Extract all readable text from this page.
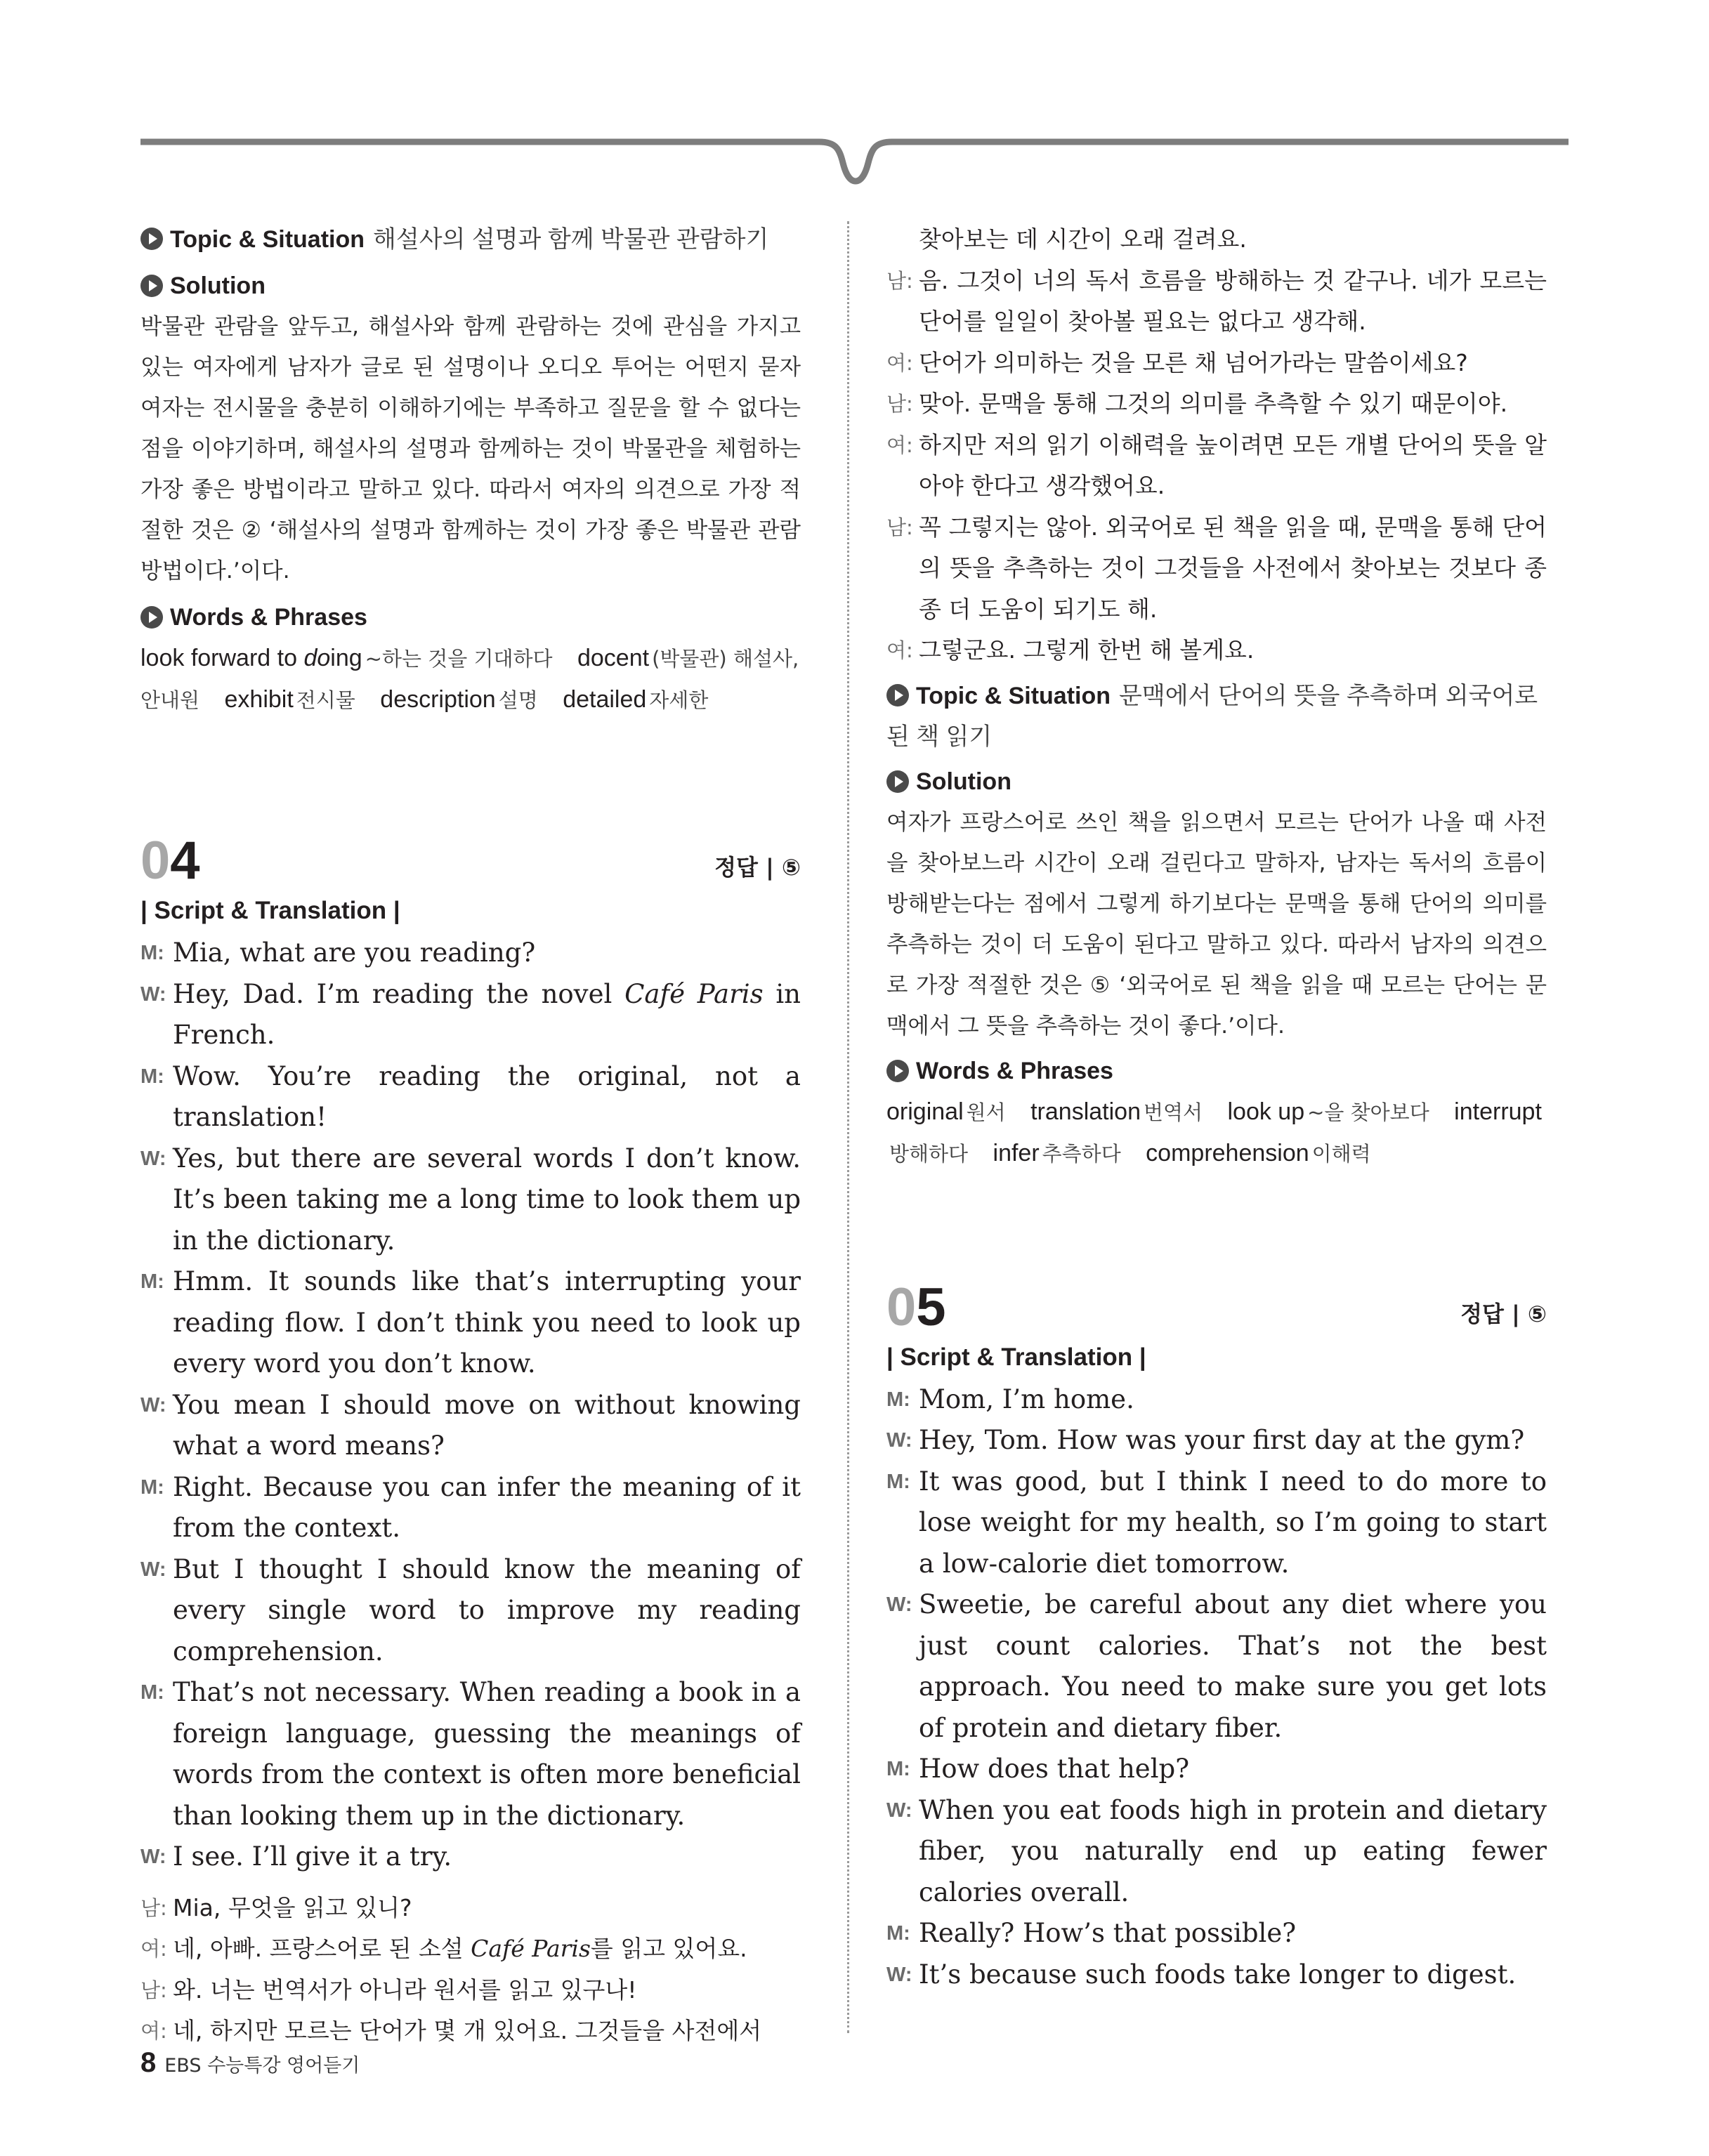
Topic & Situation 해설사의 설명과 함께 박물관 관람하기
Solution

박물관 관람을 앞두고, 해설사와 함께 관람하는 것에 관심을 가지고 있는 여자에게 남자가 글로 된 설명이나 오디오 투어는 어떤지 묻자 여자는 전시물을 충분히 이해하기에는 부족하고 질문을 할 수 없다는 점을 이야기하며, 해설사의 설명과 함께하는 것이 박물관을 체험하는 가장 좋은 방법이라고 말하고 있다. 따라서 여자의 의견으로 가장 적절한 것은 ② ‘해설사의 설명과 함께하는 것이 가장 좋은 박물관 관람 방법이다.’이다.

Words & Phrases

look forward to doing ~하는 것을 기대하다 docent (박물관) 해설사, 안내원 exhibit 전시물 description 설명 detailed 자세한

04	정답 | ⑤
| Script & Translation |

M: Mia, what are you reading?

W: Hey, Dad. I’m reading the novel Café Paris in French.

M: Wow. You’re reading the original, not a translation!

W: Yes, but there are several words I don’t know. It’s been taking me a long time to look them up in the dictionary.

M: Hmm. It sounds like that’s interrupting your reading flow. I don’t think you need to look up every word you don’t know.

W: You mean I should move on without knowing what a word means?

M: Right. Because you can infer the meaning of it from the context.

W: But I thought I should know the meaning of every single word to improve my reading comprehension.

M: That’s not necessary. When reading a book in a foreign language, guessing the meanings of words from the context is often more beneficial than looking them up in the dictionary.

W: I see. I’ll give it a try.

남: Mia, 무엇을 읽고 있니?

여: 네, 아빠. 프랑스어로 된 소설 Café Paris를 읽고 있어요.

남: 와. 너는 번역서가 아니라 원서를 읽고 있구나!

여: 네, 하지만 모르는 단어가 몇 개 있어요. 그것들을 사전에서

찾아보는 데 시간이 오래 걸려요.

남: 음. 그것이 너의 독서 흐름을 방해하는 것 같구나. 네가 모르는 단어를 일일이 찾아볼 필요는 없다고 생각해.

여: 단어가 의미하는 것을 모른 채 넘어가라는 말씀이세요?

남: 맞아. 문맥을 통해 그것의 의미를 추측할 수 있기 때문이야.

여: 하지만 저의 읽기 이해력을 높이려면 모든 개별 단어의 뜻을 알아야 한다고 생각했어요.

남: 꼭 그렇지는 않아. 외국어로 된 책을 읽을 때, 문맥을 통해 단어의 뜻을 추측하는 것이 그것들을 사전에서 찾아보는 것보다 종종 더 도움이 되기도 해.

여: 그렇군요. 그렇게 한번 해 볼게요.

Topic & Situation 문맥에서 단어의 뜻을 추측하며 외국어로 된 책 읽기
Solution

여자가 프랑스어로 쓰인 책을 읽으면서 모르는 단어가 나올 때 사전을 찾아보느라 시간이 오래 걸린다고 말하자, 남자는 독서의 흐름이 방해받는다는 점에서 그렇게 하기보다는 문맥을 통해 단어의 의미를 추측하는 것이 더 도움이 된다고 말하고 있다. 따라서 남자의 의견으로 가장 적절한 것은 ⑤ ‘외국어로 된 책을 읽을 때 모르는 단어는 문맥에서 그 뜻을 추측하는 것이 좋다.’이다.

Words & Phrases

original 원서 translation 번역서 look up ~을 찾아보다 interrupt방해하다 infer 추측하다 comprehension 이해력

05	정답 | ⑤
| Script & Translation |

M: Mom, I’m home.

W: Hey, Tom. How was your first day at the gym?

M: It was good, but I think I need to do more to lose weight for my health, so I’m going to start a low-calorie diet tomorrow.

W: Sweetie, be careful about any diet where you just count calories. That’s not the best approach. You need to make sure you get lots of protein and dietary fiber.

M: How does that help?

W: When you eat foods high in protein and dietary fiber, you naturally end up eating fewer calories overall.

M: Really? How’s that possible?

W: It’s because such foods take longer to digest.

8 EBS 수능특강 영어듣기
